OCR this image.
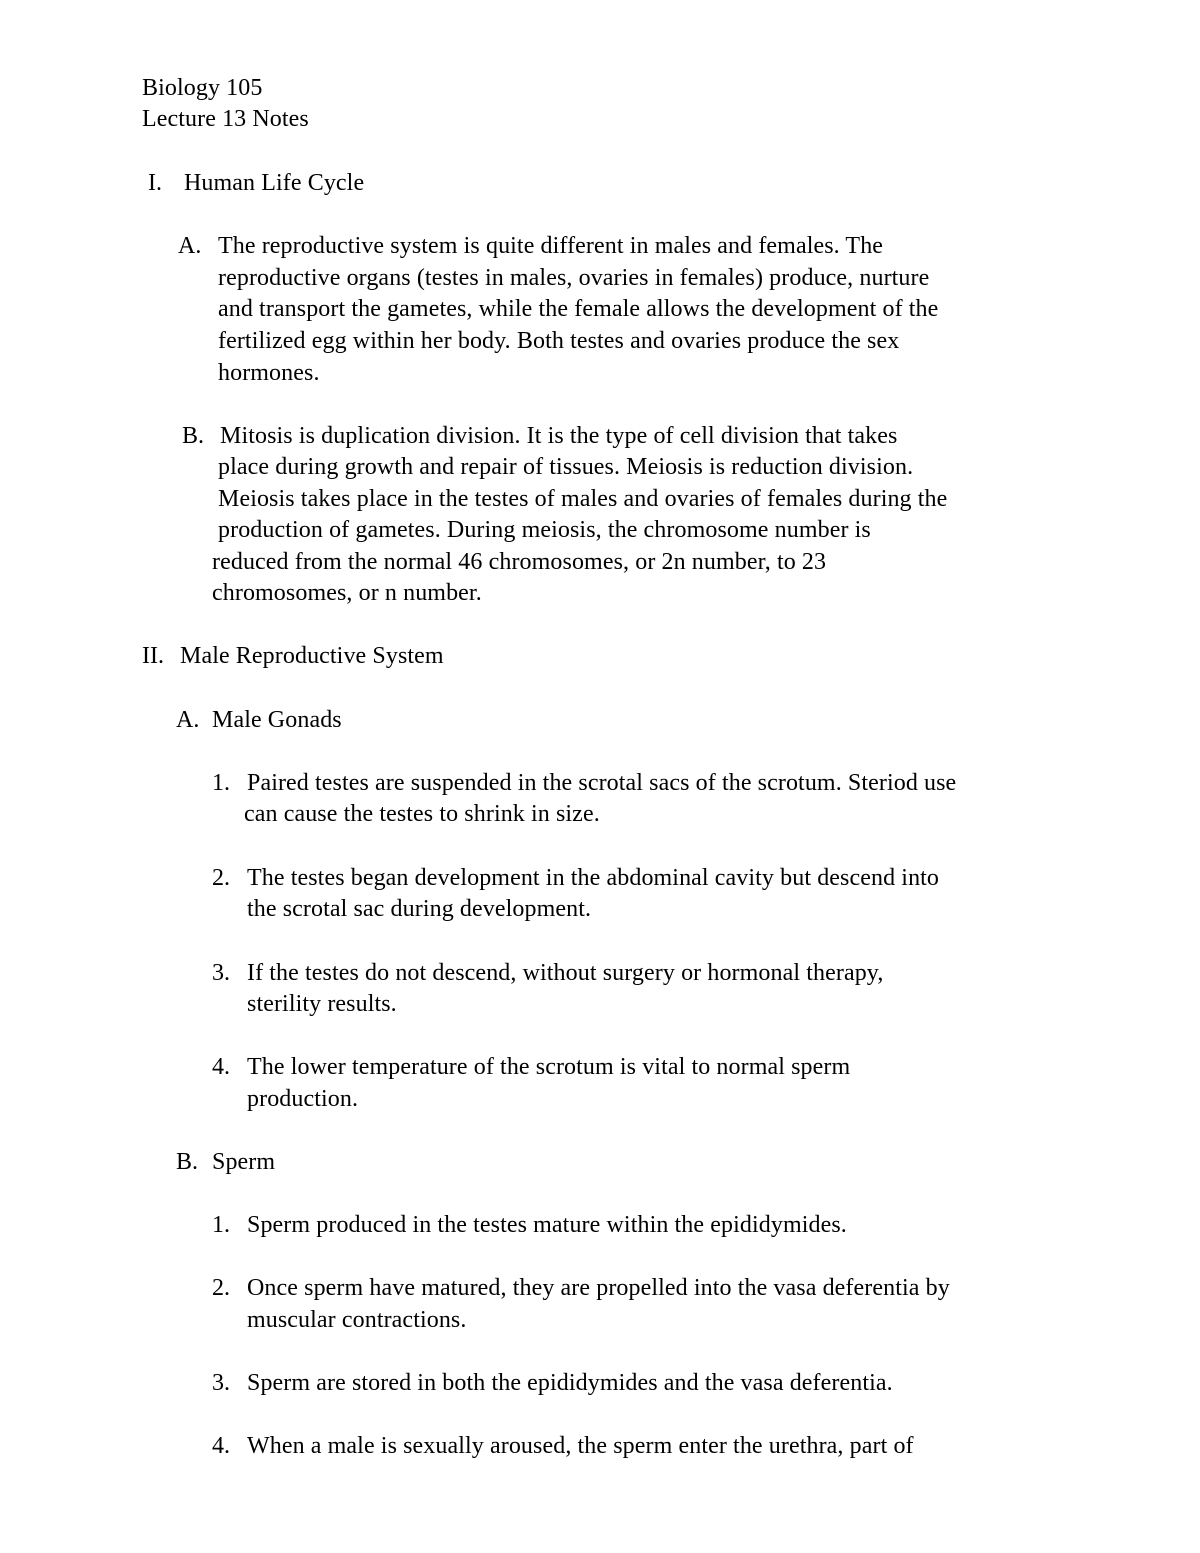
Biology 105
Lecture 13 Notes
I. Human Life Cycle
A. The reproductive system is quite different in males and females. The
reproductive organs (testes in males, ovaries in females) produce, nurture
and transport the gametes, while the female allows the development of the
fertilized egg within her body. Both testes and ovaries produce the sex
hormones.
B. Mitosis is duplication division. It is the type of cell division that takes
place during growth and repair of tissues. Meiosis is reduction division.
Meiosis takes place in the testes of males and ovaries of females during the
production of gametes. During meiosis, the chromosome number is
reduced from the normal 46 chromosomes, or 2n number, to 23
chromosomes, or n number.
II. Male Reproductive System
A. Male Gonads
1. Paired testes are suspended in the scrotal sacs of the scrotum. Steriod use
can cause the testes to shrink in size.
2. The testes began development in the abdominal cavity but descend into
the scrotal sac during development.
3. If the testes do not descend, without surgery or hormonal therapy,
sterility results.
4. The lower temperature of the scrotum is vital to normal sperm
production.
B. Sperm
1. Sperm produced in the testes mature within the epididymides.
2. Once sperm have matured, they are propelled into the vasa deferentia by
muscular contractions.
3. Sperm are stored in both the epididymides and the vasa deferentia.
4. When a male is sexually aroused, the sperm enter the urethra, part of
